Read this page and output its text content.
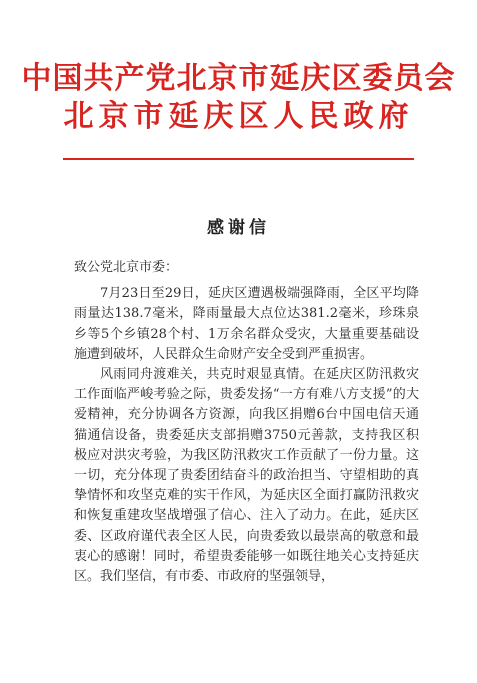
中国共产党北京市延庆区委员会
北京市延庆区人民政府
感谢信

致公党北京市委：

7月23日至29日，延庆区遭遇极端强降雨，全区平均降雨量达138.7毫米，降雨量最大点位达381.2毫米，珍珠泉乡等5个乡镇28个村、1万余名群众受灾，大量重要基础设施遭到破坏，人民群众生命财产安全受到严重损害。

风雨同舟渡难关，共克时艰显真情。在延庆区防汛救灾工作面临严峻考验之际，贵委发扬“一方有难八方支援”的大爱精神，充分协调各方资源，向我区捐赠6台中国电信天通猫通信设备，贵委延庆支部捐赠3750元善款，支持我区积极应对洪灾考验，为我区防汛救灾工作贡献了一份力量。这一切，充分体现了贵委团结奋斗的政治担当、守望相助的真挚情怀和攻坚克难的实干作风，为延庆区全面打赢防汛救灾和恢复重建攻坚战增强了信心、注入了动力。在此，延庆区委、区政府谨代表全区人民，向贵委致以最崇高的敬意和最衷心的感谢！同时，希望贵委能够一如既往地关心支持延庆区。我们坚信，有市委、市政府的坚强领导，
